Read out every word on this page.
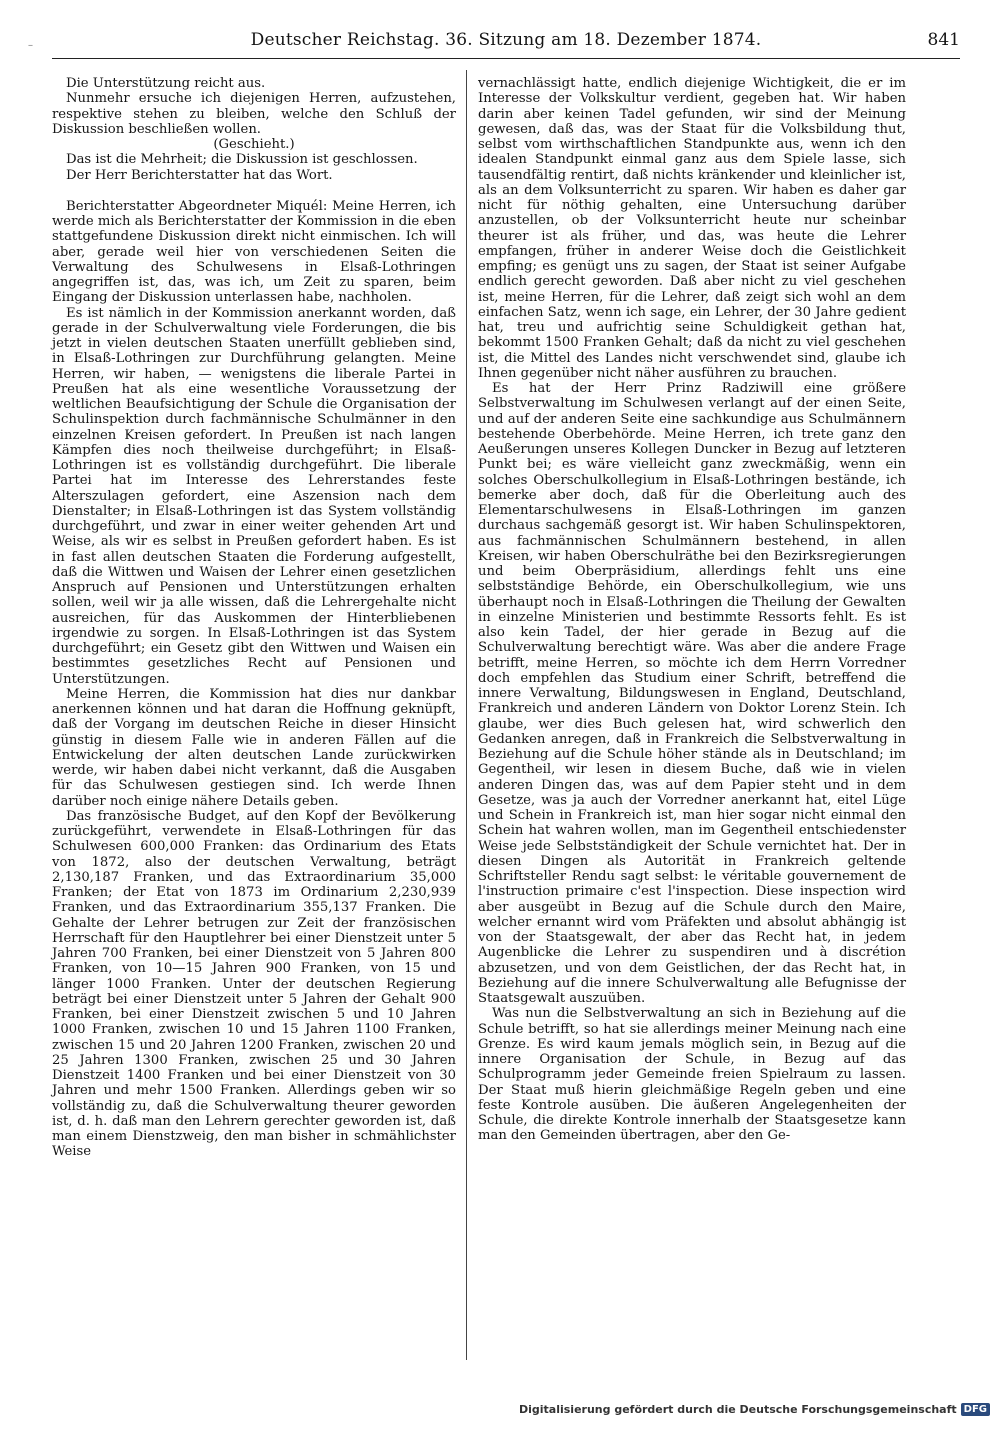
Deutscher Reichstag. 36. Sitzung am 18. Dezember 1874.	841
–

Die Unterstützung reicht aus.

Nunmehr ersuche ich diejenigen Herren, aufzustehen, respektive stehen zu bleiben, welche den Schluß der Diskussion beschließen wollen.

(Geschieht.)

Das ist die Mehrheit; die Diskussion ist geschlossen.

Der Herr Berichterstatter hat das Wort.

Berichterstatter Abgeordneter Miquél: Meine Herren, ich werde mich als Berichterstatter der Kommission in die eben stattgefundene Diskussion direkt nicht einmischen. Ich will aber, gerade weil hier von verschiedenen Seiten die Verwaltung des Schulwesens in Elsaß-Lothringen angegriffen ist, das, was ich, um Zeit zu sparen, beim Eingang der Diskussion unterlassen habe, nachholen.

Es ist nämlich in der Kommission anerkannt worden, daß gerade in der Schulverwaltung viele Forderungen, die bis jetzt in vielen deutschen Staaten unerfüllt geblieben sind, in Elsaß-Lothringen zur Durchführung gelangten. Meine Herren, wir haben, — wenigstens die liberale Partei in Preußen hat als eine wesentliche Voraussetzung der weltlichen Beaufsichtigung der Schule die Organisation der Schulinspektion durch fachmännische Schulmänner in den einzelnen Kreisen gefordert. In Preußen ist nach langen Kämpfen dies noch theilweise durchgeführt; in Elsaß-Lothringen ist es vollständig durchgeführt. Die liberale Partei hat im Interesse des Lehrerstandes feste Alterszulagen gefordert, eine Aszension nach dem Dienstalter; in Elsaß-Lothringen ist das System vollständig durchgeführt, und zwar in einer weiter gehenden Art und Weise, als wir es selbst in Preußen gefordert haben. Es ist in fast allen deutschen Staaten die Forderung aufgestellt, daß die Wittwen und Waisen der Lehrer einen gesetzlichen Anspruch auf Pensionen und Unterstützungen erhalten sollen, weil wir ja alle wissen, daß die Lehrergehalte nicht ausreichen, für das Auskommen der Hinterbliebenen irgendwie zu sorgen. In Elsaß-Lothringen ist das System durchgeführt; ein Gesetz gibt den Wittwen und Waisen ein bestimmtes gesetzliches Recht auf Pensionen und Unterstützungen.

Meine Herren, die Kommission hat dies nur dankbar anerkennen können und hat daran die Hoffnung geknüpft, daß der Vorgang im deutschen Reiche in dieser Hinsicht günstig in diesem Falle wie in anderen Fällen auf die Entwickelung der alten deutschen Lande zurückwirken werde, wir haben dabei nicht verkannt, daß die Ausgaben für das Schulwesen gestiegen sind. Ich werde Ihnen darüber noch einige nähere Details geben.

Das französische Budget, auf den Kopf der Bevölkerung zurückgeführt, verwendete in Elsaß-Lothringen für das Schulwesen 600,000 Franken: das Ordinarium des Etats von 1872, also der deutschen Verwaltung, beträgt 2,130,187 Franken, und das Extraordinarium 35,000 Franken; der Etat von 1873 im Ordinarium 2,230,939 Franken, und das Extraordinarium 355,137 Franken. Die Gehalte der Lehrer betrugen zur Zeit der französischen Herrschaft für den Hauptlehrer bei einer Dienstzeit unter 5 Jahren 700 Franken, bei einer Dienstzeit von 5 Jahren 800 Franken, von 10—15 Jahren 900 Franken, von 15 und länger 1000 Franken. Unter der deutschen Regierung beträgt bei einer Dienstzeit unter 5 Jahren der Gehalt 900 Franken, bei einer Dienstzeit zwischen 5 und 10 Jahren 1000 Franken, zwischen 10 und 15 Jahren 1100 Franken, zwischen 15 und 20 Jahren 1200 Franken, zwischen 20 und 25 Jahren 1300 Franken, zwischen 25 und 30 Jahren Dienstzeit 1400 Franken und bei einer Dienstzeit von 30 Jahren und mehr 1500 Franken. Allerdings geben wir so vollständig zu, daß die Schulverwaltung theurer geworden ist, d. h. daß man den Lehrern gerechter geworden ist, daß man einem Dienstzweig, den man bisher in schmählichster Weise

vernachlässigt hatte, endlich diejenige Wichtigkeit, die er im Interesse der Volkskultur verdient, gegeben hat. Wir haben darin aber keinen Tadel gefunden, wir sind der Meinung gewesen, daß das, was der Staat für die Volksbildung thut, selbst vom wirthschaftlichen Standpunkte aus, wenn ich den idealen Standpunkt einmal ganz aus dem Spiele lasse, sich tausendfältig rentirt, daß nichts kränkender und kleinlicher ist, als an dem Volksunterricht zu sparen. Wir haben es daher gar nicht für nöthig gehalten, eine Untersuchung darüber anzustellen, ob der Volksunterricht heute nur scheinbar theurer ist als früher, und das, was heute die Lehrer empfangen, früher in anderer Weise doch die Geistlichkeit empfing; es genügt uns zu sagen, der Staat ist seiner Aufgabe endlich gerecht geworden. Daß aber nicht zu viel geschehen ist, meine Herren, für die Lehrer, daß zeigt sich wohl an dem einfachen Satz, wenn ich sage, ein Lehrer, der 30 Jahre gedient hat, treu und aufrichtig seine Schuldigkeit gethan hat, bekommt 1500 Franken Gehalt; daß da nicht zu viel geschehen ist, die Mittel des Landes nicht verschwendet sind, glaube ich Ihnen gegenüber nicht näher ausführen zu brauchen.

Es hat der Herr Prinz Radziwill eine größere Selbstverwaltung im Schulwesen verlangt auf der einen Seite, und auf der anderen Seite eine sachkundige aus Schulmännern bestehende Oberbehörde. Meine Herren, ich trete ganz den Aeußerungen unseres Kollegen Duncker in Bezug auf letzteren Punkt bei; es wäre vielleicht ganz zweckmäßig, wenn ein solches Oberschulkollegium in Elsaß-Lothringen bestände, ich bemerke aber doch, daß für die Oberleitung auch des Elementarschulwesens in Elsaß-Lothringen im ganzen durchaus sachgemäß gesorgt ist. Wir haben Schulinspektoren, aus fachmännischen Schulmännern bestehend, in allen Kreisen, wir haben Oberschulräthe bei den Bezirksregierungen und beim Oberpräsidium, allerdings fehlt uns eine selbstständige Behörde, ein Oberschulkollegium, wie uns überhaupt noch in Elsaß-Lothringen die Theilung der Gewalten in einzelne Ministerien und bestimmte Ressorts fehlt. Es ist also kein Tadel, der hier gerade in Bezug auf die Schulverwaltung berechtigt wäre. Was aber die andere Frage betrifft, meine Herren, so möchte ich dem Herrn Vorredner doch empfehlen das Studium einer Schrift, betreffend die innere Verwaltung, Bildungswesen in England, Deutschland, Frankreich und anderen Ländern von Doktor Lorenz Stein. Ich glaube, wer dies Buch gelesen hat, wird schwerlich den Gedanken anregen, daß in Frankreich die Selbstverwaltung in Beziehung auf die Schule höher stände als in Deutschland; im Gegentheil, wir lesen in diesem Buche, daß wie in vielen anderen Dingen das, was auf dem Papier steht und in dem Gesetze, was ja auch der Vorredner anerkannt hat, eitel Lüge und Schein in Frankreich ist, man hier sogar nicht einmal den Schein hat wahren wollen, man im Gegentheil entschiedenster Weise jede Selbstständigkeit der Schule vernichtet hat. Der in diesen Dingen als Autorität in Frankreich geltende Schriftsteller Rendu sagt selbst: le véritable gouvernement de l'instruction primaire c'est l'inspection. Diese inspection wird aber ausgeübt in Bezug auf die Schule durch den Maire, welcher ernannt wird vom Präfekten und absolut abhängig ist von der Staatsgewalt, der aber das Recht hat, in jedem Augenblicke die Lehrer zu suspendiren und à discrétion abzusetzen, und von dem Geistlichen, der das Recht hat, in Beziehung auf die innere Schulverwaltung alle Befugnisse der Staatsgewalt auszuüben.

Was nun die Selbstverwaltung an sich in Beziehung auf die Schule betrifft, so hat sie allerdings meiner Meinung nach eine Grenze. Es wird kaum jemals möglich sein, in Bezug auf die innere Organisation der Schule, in Bezug auf das Schulprogramm jeder Gemeinde freien Spielraum zu lassen. Der Staat muß hierin gleichmäßige Regeln geben und eine feste Kontrole ausüben. Die äußeren Angelegenheiten der Schule, die direkte Kontrole innerhalb der Staatsgesetze kann man den Gemeinden übertragen, aber den Ge-

Digitalisierung gefördert durch die Deutsche Forschungsgemeinschaft DFG
